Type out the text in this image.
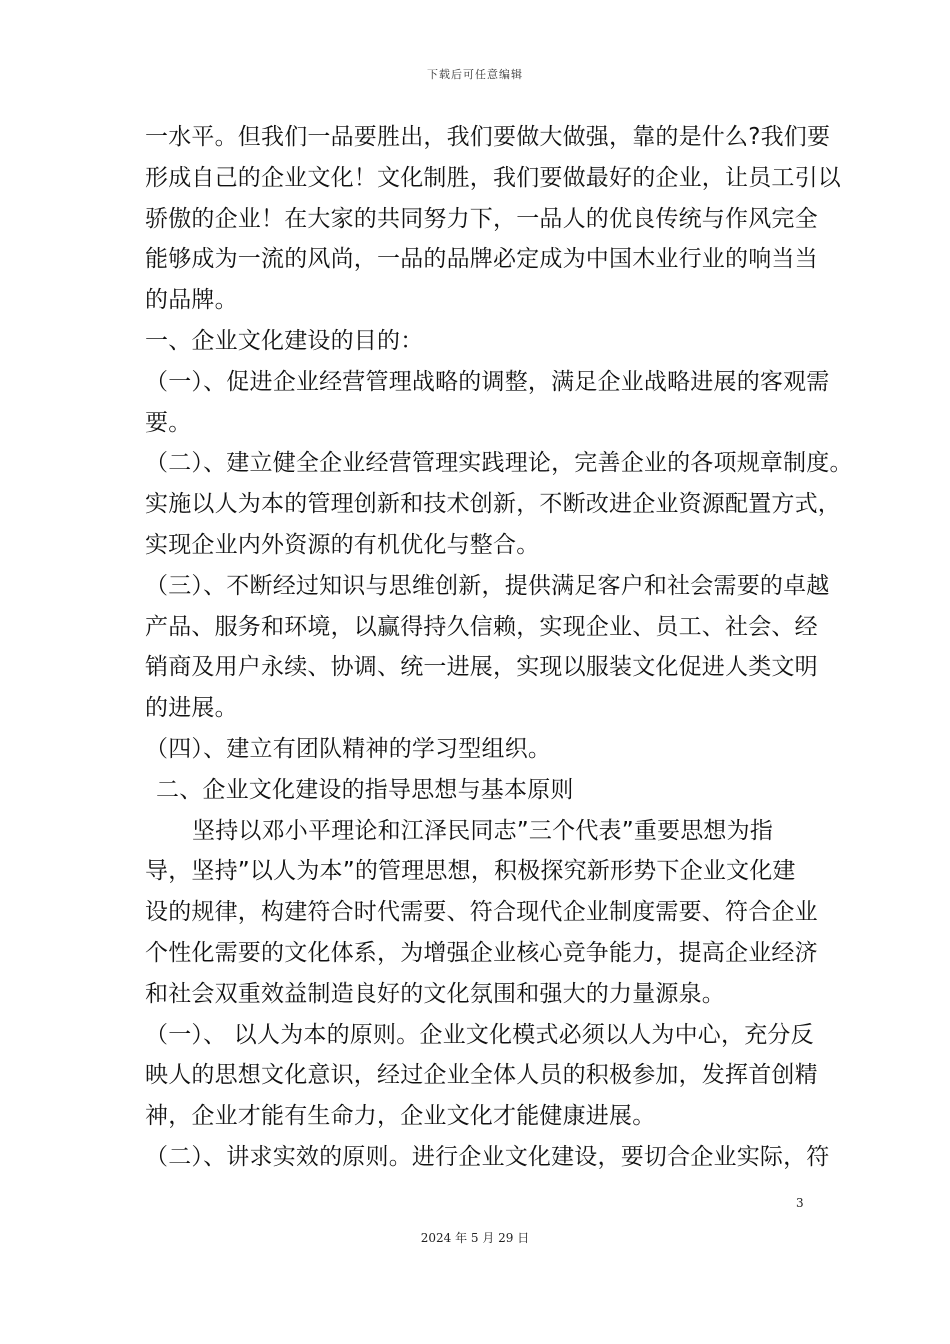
下载后可任意编辑
一水平。但我们一品要胜出，我们要做大做强，靠的是什么?我们要
形成自己的企业文化！文化制胜，我们要做最好的企业，让员工引以
骄傲的企业！在大家的共同努力下，一品人的优良传统与作风完全
能够成为一流的风尚，一品的品牌必定成为中国木业行业的响当当
的品牌。
一、企业文化建设的目的：
（一）、促进企业经营管理战略的调整，满足企业战略进展的客观需
要。
（二）、建立健全企业经营管理实践理论，完善企业的各项规章制度。
实施以人为本的管理创新和技术创新，不断改进企业资源配置方式，
实现企业内外资源的有机优化与整合。
（三）、不断经过知识与思维创新，提供满足客户和社会需要的卓越
产品、服务和环境，以赢得持久信赖，实现企业、员工、社会、经
销商及用户永续、协调、统一进展，实现以服装文化促进人类文明
的进展。
（四）、建立有团队精神的学习型组织。
二、企业文化建设的指导思想与基本原则
坚持以邓小平理论和江泽民同志”三个代表”重要思想为指
导，坚持”以人为本”的管理思想，积极探究新形势下企业文化建
设的规律，构建符合时代需要、符合现代企业制度需要、符合企业
个性化需要的文化体系，为增强企业核心竞争能力，提高企业经济
和社会双重效益制造良好的文化氛围和强大的力量源泉。
（一）、 以人为本的原则。企业文化模式必须以人为中心，充分反
映人的思想文化意识，经过企业全体人员的积极参加，发挥首创精
神，企业才能有生命力，企业文化才能健康进展。
（二）、讲求实效的原则。进行企业文化建设，要切合企业实际，符
3
2024 年 5 月 29 日
